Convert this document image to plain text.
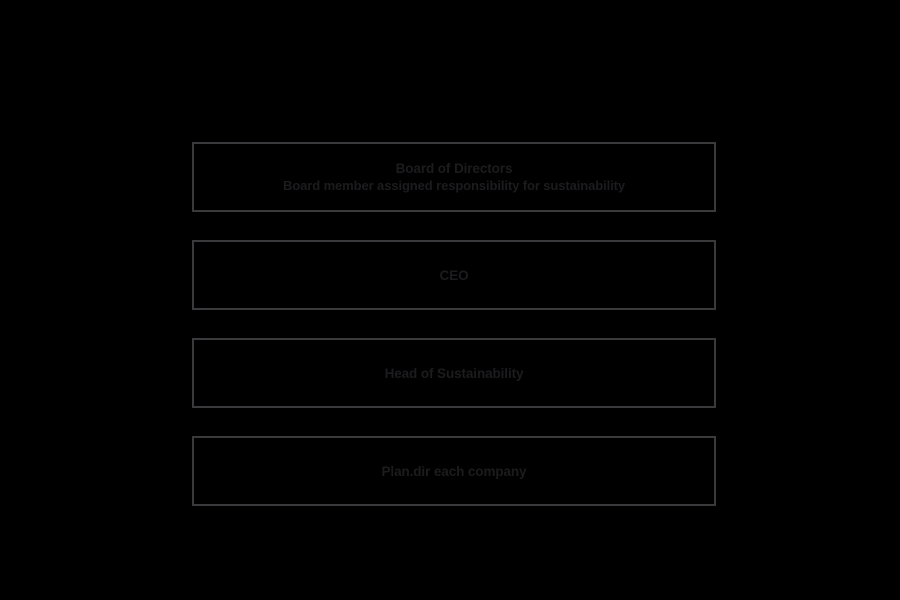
Board of Directors
Board member assigned responsibility for sustainability
CEO
Head of Sustainability
Plan.dir each company
